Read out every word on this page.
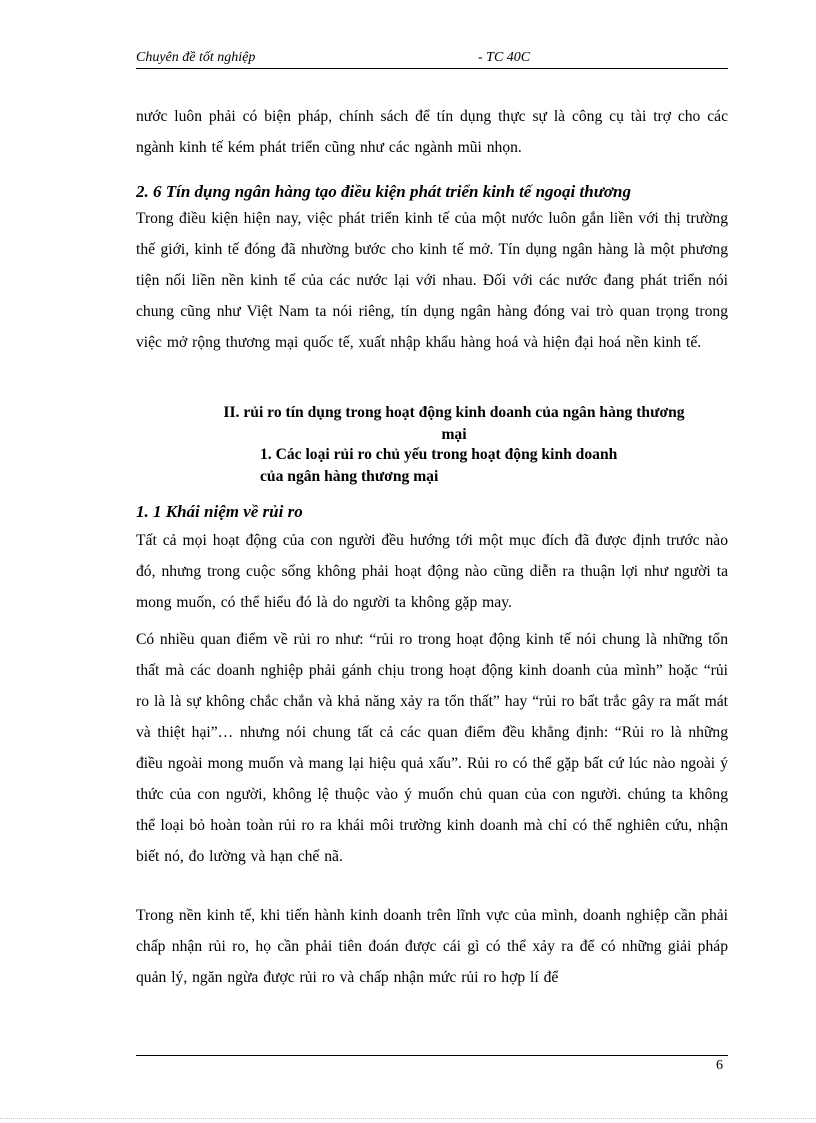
Chuyên đề tốt nghiệp	- TC 40C

nước luôn phải có biện pháp, chính sách để tín dụng thực sự là công cụ tài trợ cho các ngành kinh tế kém phát triển cũng như các ngành mũi nhọn.

2. 6 Tín dụng ngân hàng tạo điều kiện phát triển kinh tế ngoại thương

Trong điều kiện hiện nay, việc phát triển kinh tế của một nước luôn gắn liền với thị trường thế giới, kinh tế đóng đã nhường bước cho kinh tế mở. Tín dụng ngân hàng là một phương tiện nối liền nền kinh tế của các nước lại với nhau. Đối với các nước đang phát triển nói chung cũng như Việt Nam ta nói riêng, tín dụng ngân hàng đóng vai trò quan trọng trong việc mở rộng thương mại quốc tế, xuất nhập khẩu hàng hoá và hiện đại hoá nền kinh tế.

II. rủi ro tín dụng trong hoạt động kinh doanh của ngân hàng thương
mại
1. Các loại rủi ro chủ yếu trong hoạt động kinh doanh
của ngân hàng thương mại
1. 1 Khái niệm về rủi ro

Tất cả mọi hoạt động của con người đều hướng tới một mục đích đã được định trước nào đó, nhưng trong cuộc sống không phải hoạt động nào cũng diễn ra thuận lợi như người ta mong muốn, có thể hiểu đó là do người ta không gặp may.

Có nhiều quan điểm về rủi ro như: “rủi ro trong hoạt động kinh tế nói chung là những tổn thất mà các doanh nghiệp phải gánh chịu trong hoạt động kinh doanh của mình” hoặc “rủi ro là là sự không chắc chắn và khả năng xảy ra tổn thất” hay “rủi ro bất trắc gây ra mất mát và thiệt hại”… nhưng nói chung tất cả các quan điểm đều khẳng định: “Rủi ro là những điều ngoài mong muốn và mang lại hiệu quả xấu”. Rủi ro có thể gặp bất cứ lúc nào ngoài ý thức của con người, không lệ thuộc vào ý muốn chủ quan của con người. chúng ta không thể loại bỏ hoàn toàn rủi ro ra khái môi trường kinh doanh mà chỉ có thể nghiên cứu, nhận biết nó, đo lường và hạn chế nã.

Trong nền kinh tế, khi tiến hành kinh doanh trên lĩnh vực của mình, doanh nghiệp cần phải chấp nhận rủi ro, họ cần phải tiên đoán được cái gì có thể xảy ra để có những giải pháp quản lý, ngăn ngừa được rủi ro và chấp nhận mức rủi ro hợp lí để

6
